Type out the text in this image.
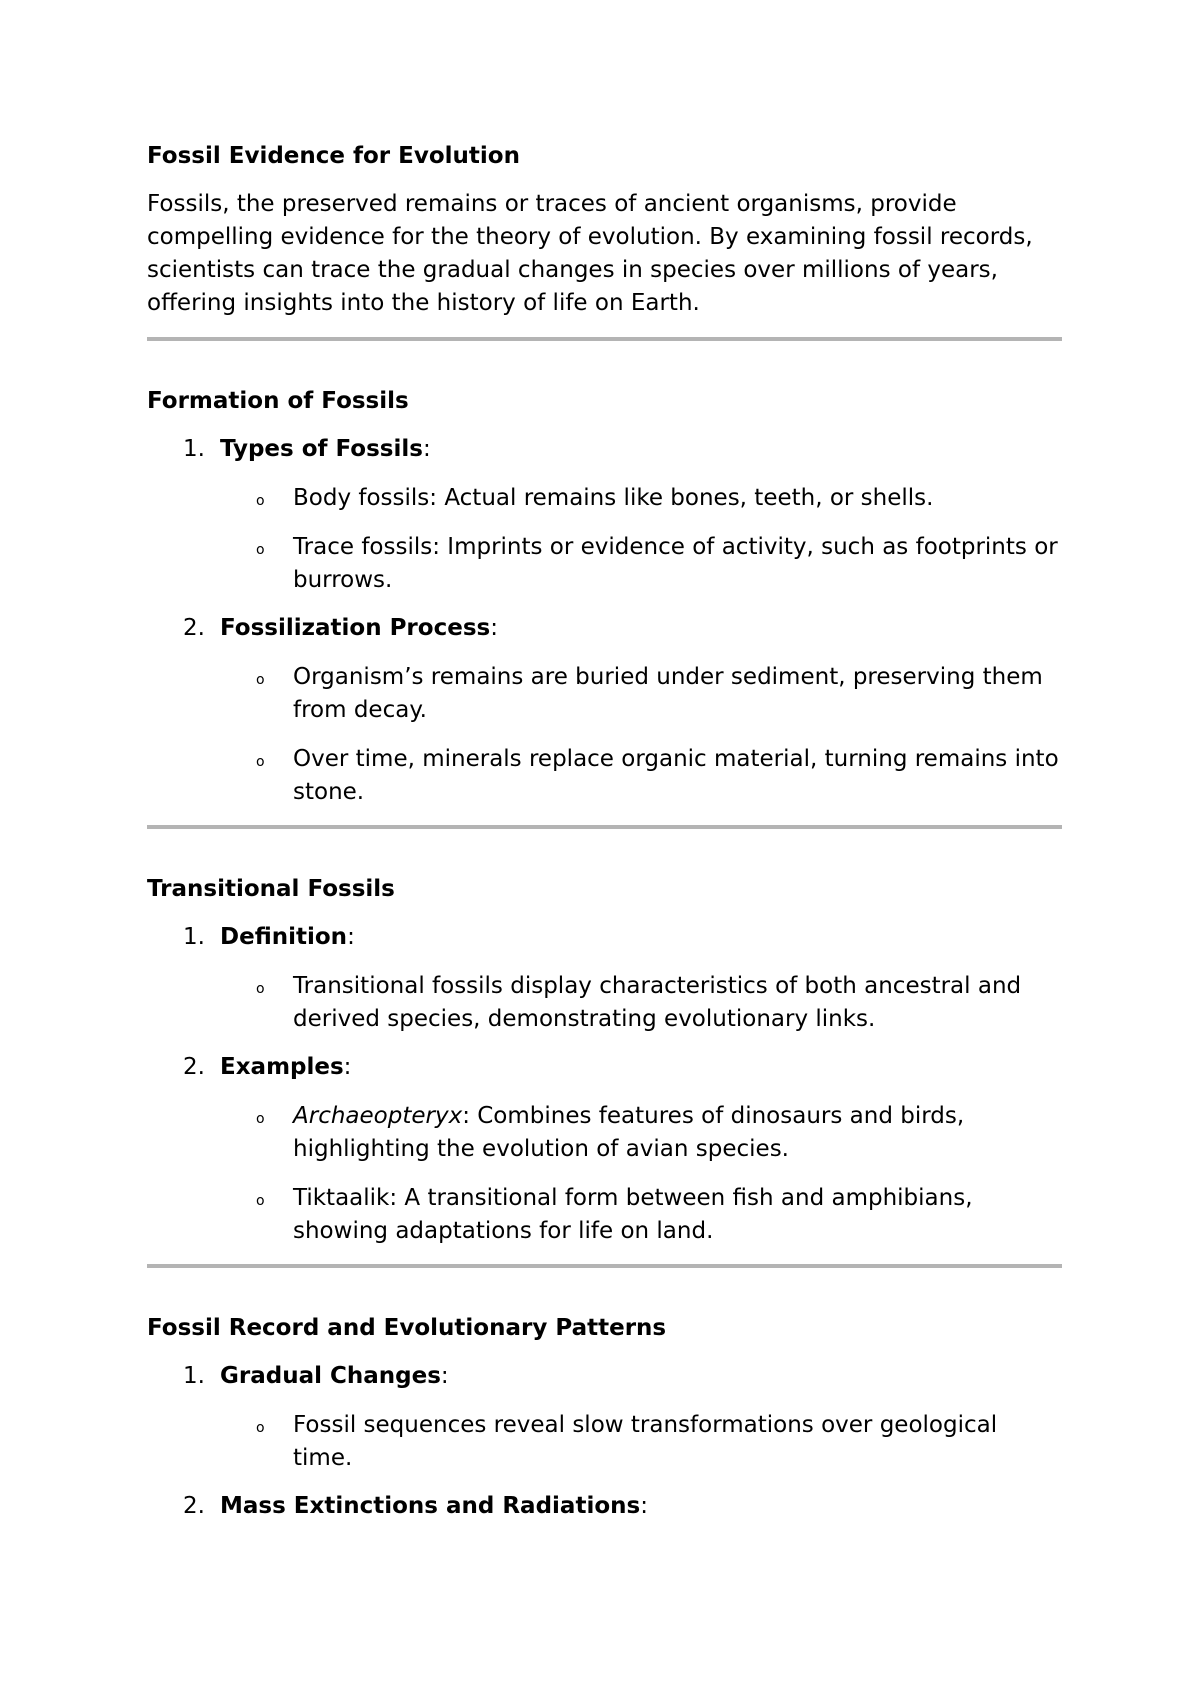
Fossil Evidence for Evolution

Fossils, the preserved remains or traces of ancient organisms, provide compelling evidence for the theory of evolution. By examining fossil records, scientists can trace the gradual changes in species over millions of years, offering insights into the history of life on Earth.

Formation of Fossils
1. Types of Fossils:
o Body fossils: Actual remains like bones, teeth, or shells.
o Trace fossils: Imprints or evidence of activity, such as footprints or burrows.
2. Fossilization Process:
o Organism’s remains are buried under sediment, preserving them from decay.
o Over time, minerals replace organic material, turning remains into stone.
Transitional Fossils
1. Definition:
o Transitional fossils display characteristics of both ancestral and derived species, demonstrating evolutionary links.
2. Examples:
o Archaeopteryx: Combines features of dinosaurs and birds, highlighting the evolution of avian species.
o Tiktaalik: A transitional form between fish and amphibians, showing adaptations for life on land.
Fossil Record and Evolutionary Patterns
1. Gradual Changes:
o Fossil sequences reveal slow transformations over geological time.
2. Mass Extinctions and Radiations:
